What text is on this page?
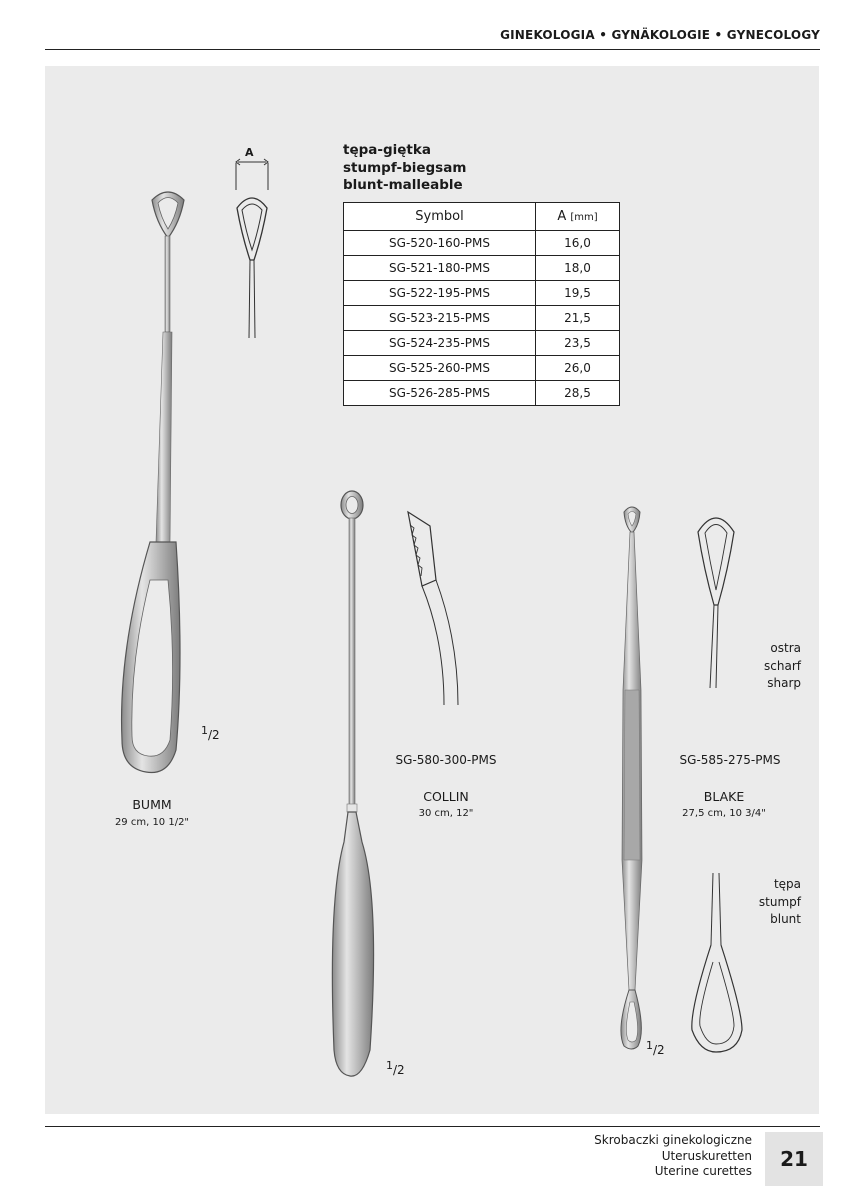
GINEKOLOGIA • GYNÄKOLOGIE • GYNECOLOGY
tępa-giętka
stumpf-biegsam
blunt-malleable
A
Symbol	A [mm]
SG-520-160-PMS	16,0
SG-521-180-PMS	18,0
SG-522-195-PMS	19,5
SG-523-215-PMS	21,5
SG-524-235-PMS	23,5
SG-525-260-PMS	26,0
SG-526-285-PMS	28,5
$^1$/2
BUMM
29 cm, 10 1/2"
SG-580-300-PMS
COLLIN
30 cm, 12"
$^1$/2
SG-585-275-PMS
BLAKE
27,5 cm, 10 3/4"
$^1$/2
ostra
scharf
sharp
tępa
stumpf
blunt
Skrobaczki ginekologiczne
Uteruskuretten
Uterine curettes	21
